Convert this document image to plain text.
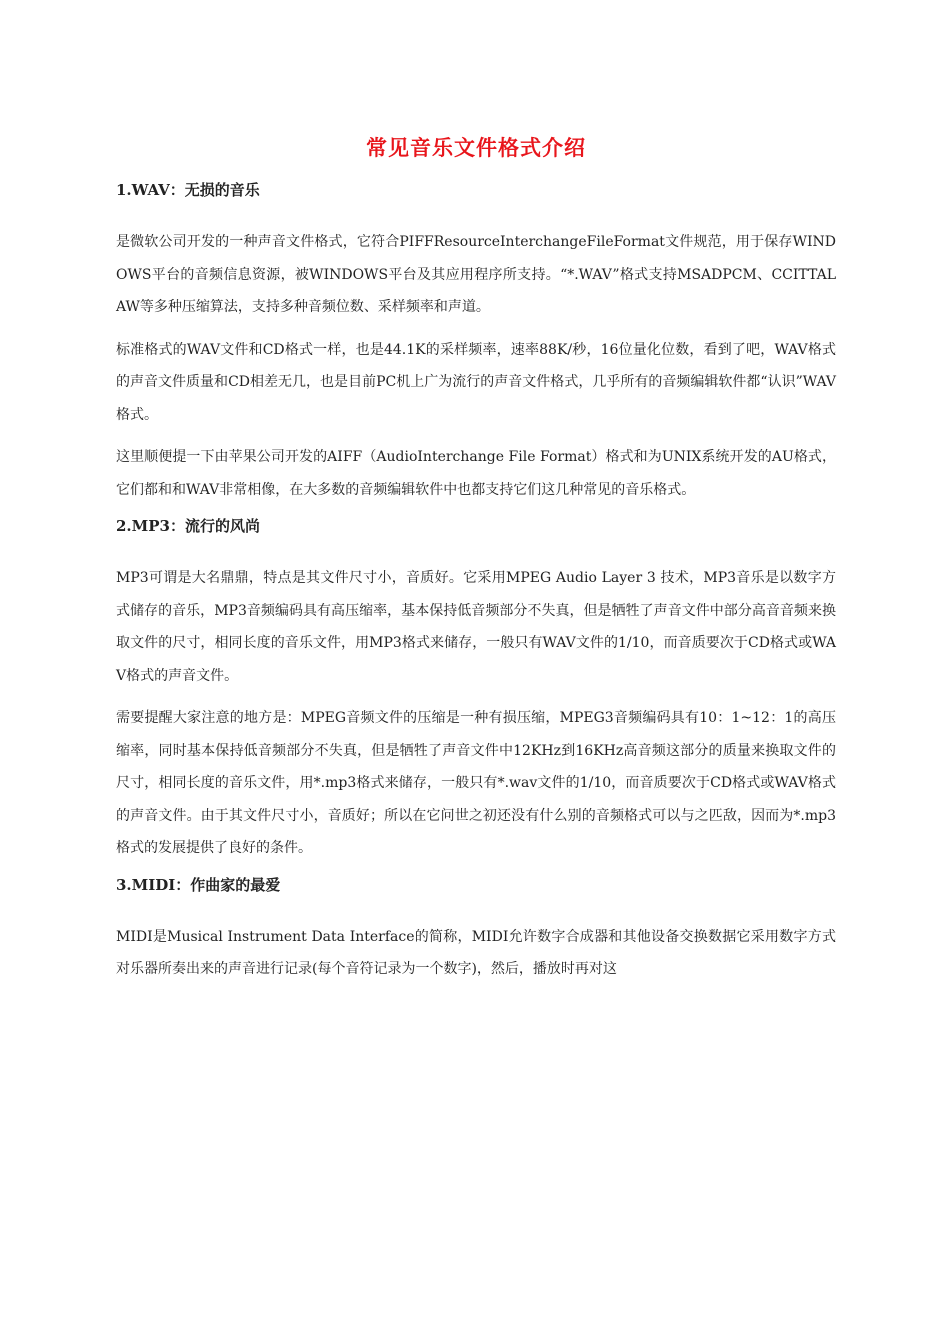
常见音乐文件格式介绍
1.WAV：无损的音乐

是微软公司开发的一种声音文件格式，它符合PIFFResourceInterchangeFileFormat文件规范，用于保存WINDOWS平台的音频信息资源，被WINDOWS平台及其应用程序所支持。“*.WAV”格式支持MSADPCM、CCITTALAW等多种压缩算法，支持多种音频位数、采样频率和声道。

标准格式的WAV文件和CD格式一样，也是44.1K的采样频率，速率88K/秒，16位量化位数，看到了吧，WAV格式的声音文件质量和CD相差无几，也是目前PC机上广为流行的声音文件格式，几乎所有的音频编辑软件都“认识”WAV格式。

这里顺便提一下由苹果公司开发的AIFF（AudioInterchange File Format）格式和为UNIX系统开发的AU格式，它们都和和WAV非常相像，在大多数的音频编辑软件中也都支持它们这几种常见的音乐格式。

2.MP3：流行的风尚

MP3可谓是大名鼎鼎，特点是其文件尺寸小，音质好。它采用MPEG Audio Layer 3 技术，MP3音乐是以数字方式储存的音乐，MP3音频编码具有高压缩率，基本保持低音频部分不失真，但是牺牲了声音文件中部分高音音频来换取文件的尺寸，相同长度的音乐文件，用MP3格式来储存，一般只有WAV文件的1/10，而音质要次于CD格式或WAV格式的声音文件。

需要提醒大家注意的地方是：MPEG音频文件的压缩是一种有损压缩，MPEG3音频编码具有10：1~12：1的高压缩率，同时基本保持低音频部分不失真，但是牺牲了声音文件中12KHz到16KHz高音频这部分的质量来换取文件的尺寸，相同长度的音乐文件，用*.mp3格式来储存，一般只有*.wav文件的1/10，而音质要次于CD格式或WAV格式的声音文件。由于其文件尺寸小，音质好；所以在它问世之初还没有什么别的音频格式可以与之匹敌，因而为*.mp3格式的发展提供了良好的条件。

3.MIDI：作曲家的最爱

MIDI是Musical Instrument Data Interface的简称，MIDI允许数字合成器和其他设备交换数据它采用数字方式对乐器所奏出来的声音进行记录(每个音符记录为一个数字)，然后，播放时再对这
